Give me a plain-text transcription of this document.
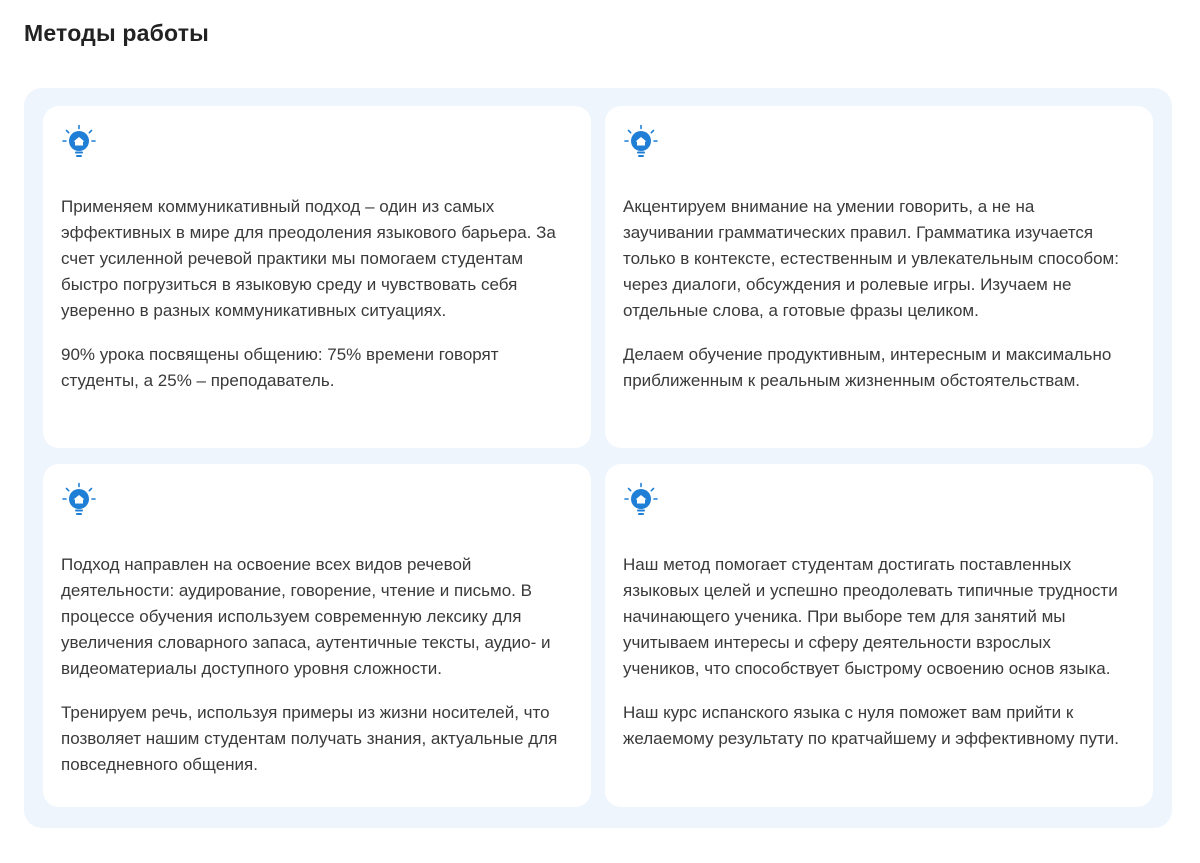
Методы работы

Применяем коммуникативный подход – один из самых эффективных в мире для преодоления языкового барьера. За счет усиленной речевой практики мы помогаем студентам быстро погрузиться в языковую среду и чувствовать себя уверенно в разных коммуникативных ситуациях.

90% урока посвящены общению: 75% времени говорят студенты, а 25% – преподаватель.

Акцентируем внимание на умении говорить, а не на заучивании грамматических правил. Грамматика изучается только в контексте, естественным и увлекательным способом: через диалоги, обсуждения и ролевые игры. Изучаем не отдельные слова, а готовые фразы целиком.

Делаем обучение продуктивным, интересным и максимально приближенным к реальным жизненным обстоятельствам.

Подход направлен на освоение всех видов речевой деятельности: аудирование, говорение, чтение и письмо. В процессе обучения используем современную лексику для увеличения словарного запаса, аутентичные тексты, аудио- и видеоматериалы доступного уровня сложности.

Тренируем речь, используя примеры из жизни носителей, что позволяет нашим студентам получать знания, актуальные для повседневного общения.

Наш метод помогает студентам достигать поставленных языковых целей и успешно преодолевать типичные трудности начинающего ученика. При выборе тем для занятий мы учитываем интересы и сферу деятельности взрослых учеников, что способствует быстрому освоению основ языка.

Наш курс испанского языка с нуля поможет вам прийти к желаемому результату по кратчайшему и эффективному пути.
